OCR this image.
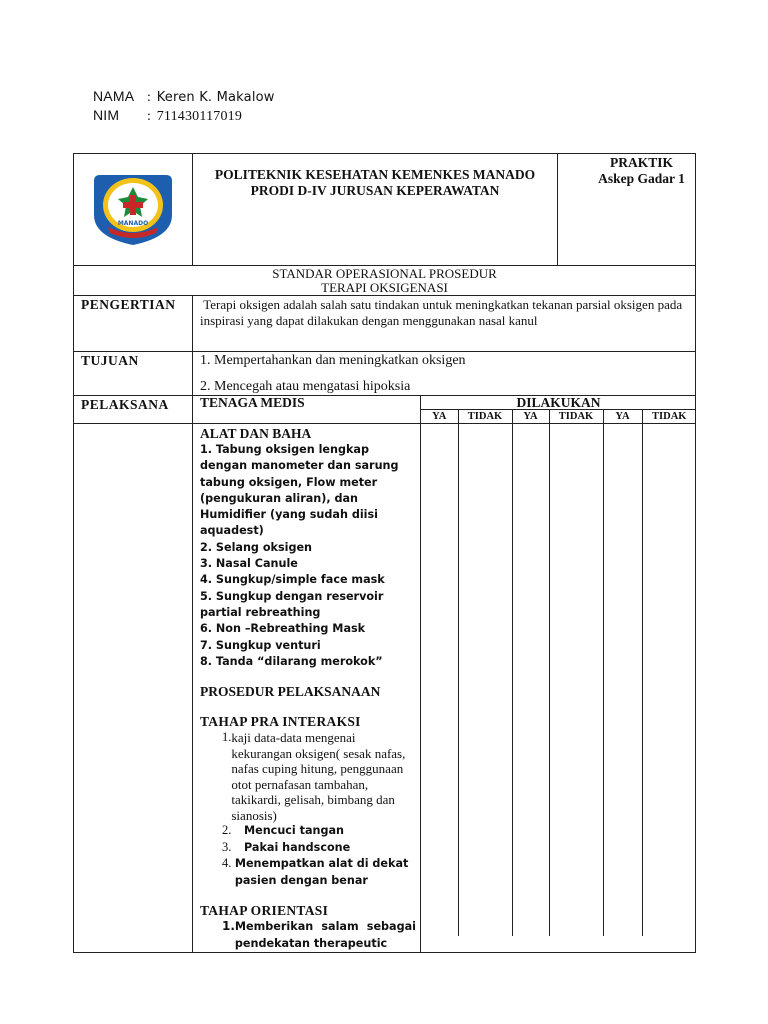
NAMA : Keren K. Makalow
NIM : 711430117019
MANADO

POLITEKNIK KESEHATAN KEMENKES MANADO
PRODI D-IV JURUSAN KEPERAWATAN

PRAKTIK
Askep Gadar 1

STANDAR OPERASIONAL PROSEDUR
TERAPI OKSIGENASI

PENGERTIAN	Terapi oksigen adalah salah satu tindakan untuk meningkatkan tekanan parsial oksigen pada inspirasi yang dapat dilakukan dengan menggunakan nasal kanul
TUJUAN	1. Mempertahankan dan meningkatkan oksigen

2. Mencegah atau mengatasi hipoksia

PELAKSANA	TENAGA MEDIS		DILAKUKAN
YA	TIDAK	YA	TIDAK	YA	TIDAK

ALAT DAN BAHA
1. Tabung oksigen lengkap dengan manometer dan sarung tabung oksigen, Flow meter (pengukuran aliran), dan Humidifier (yang sudah diisi aquadest)
2. Selang oksigen
3. Nasal Canule
4. Sungkup/simple face mask
5. Sungkup dengan reservoir partial rebreathing
6. Non –Rebreathing Mask
7. Sungkup venturi
8. Tanda “dilarang merokok”
PROSEDUR PELAKSANAAN
TAHAP PRA INTERAKSI
1. kaji data-data mengenai kekurangan oksigen( sesak nafas, nafas cuping hitung, penggunaan otot pernafasan tambahan, takikardi, gelisah, bimbang dan sianosis)
2.	Mencuci tangan
3.	Pakai handscone
4. Menempatkan alat di dekat pasien dengan benar
TAHAP ORIENTASI
1. Memberikan salam sebagai pendekatan therapeutic
